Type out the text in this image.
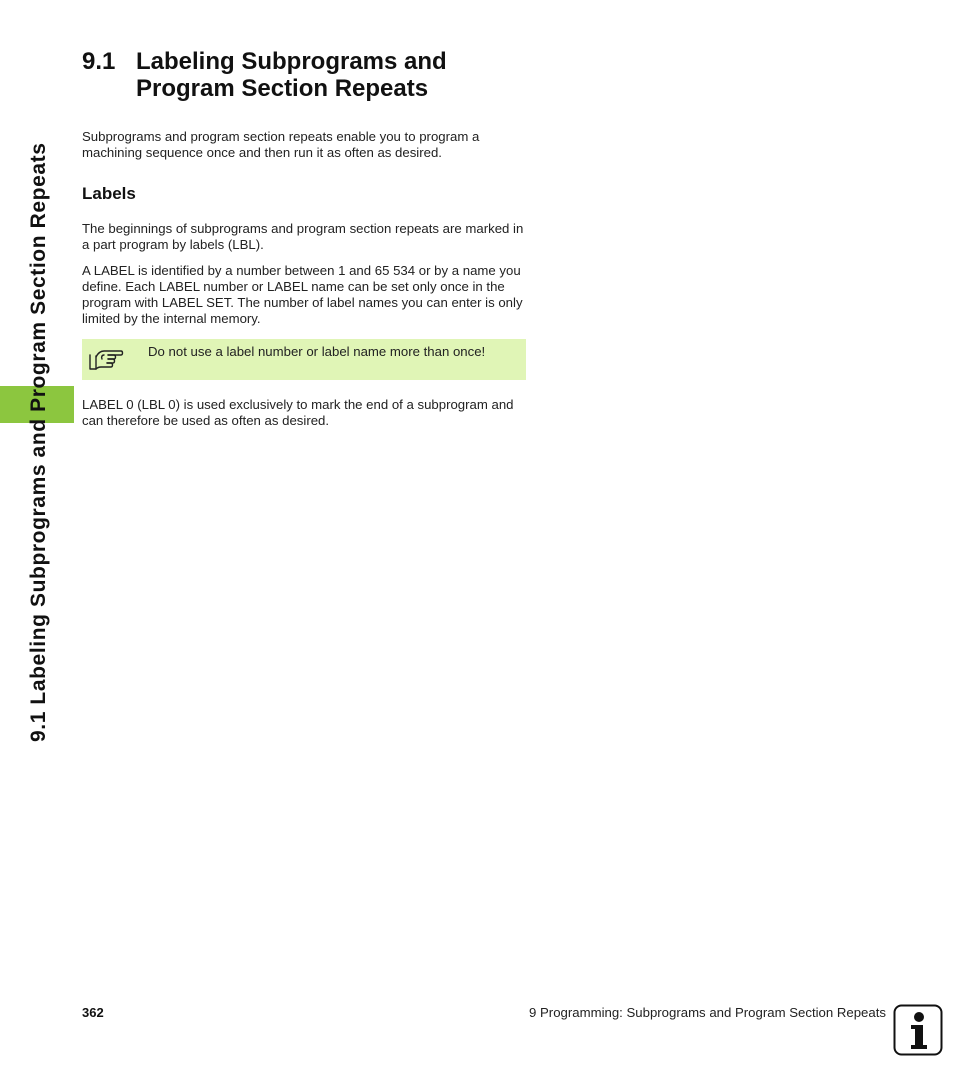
9.1 Labeling Subprograms and Program Section Repeats
9.1 Labeling Subprograms and Program Section Repeats

Subprograms and program section repeats enable you to program a machining sequence once and then run it as often as desired.

Labels

The beginnings of subprograms and program section repeats are marked in a part program by labels (LBL).

A LABEL is identified by a number between 1 and 65 534 or by a name you define. Each LABEL number or LABEL name can be set only once in the program with LABEL SET. The number of label names you can enter is only limited by the internal memory.

Do not use a label number or label name more than once!

LABEL 0 (LBL 0) is used exclusively to mark the end of a subprogram and can therefore be used as often as desired.

362	9 Programming: Subprograms and Program Section Repeats
